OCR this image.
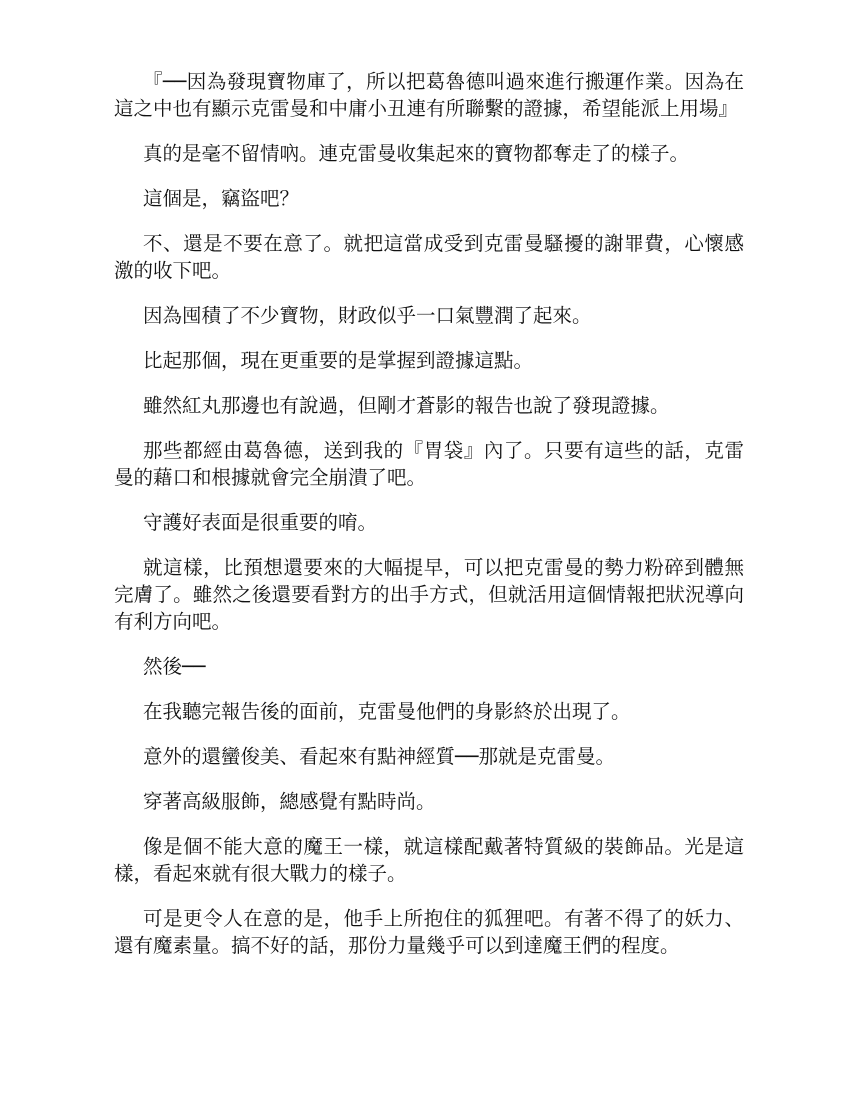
『──因為發現寶物庫了，所以把葛魯德叫過來進行搬運作業。因為在這之中也有顯示克雷曼和中庸小丑連有所聯繫的證據，希望能派上用場』

真的是毫不留情吶。連克雷曼收集起來的寶物都奪走了的樣子。

這個是，竊盜吧？

不、還是不要在意了。就把這當成受到克雷曼騷擾的謝罪費，心懷感激的收下吧。

因為囤積了不少寶物，財政似乎一口氣豐潤了起來。

比起那個，現在更重要的是掌握到證據這點。

雖然紅丸那邊也有說過，但剛才蒼影的報告也說了發現證據。

那些都經由葛魯德，送到我的『胃袋』內了。只要有這些的話，克雷曼的藉口和根據就會完全崩潰了吧。

守護好表面是很重要的唷。

就這樣，比預想還要來的大幅提早，可以把克雷曼的勢力粉碎到體無完膚了。雖然之後還要看對方的出手方式，但就活用這個情報把狀況導向有利方向吧。

然後──

在我聽完報告後的面前，克雷曼他們的身影終於出現了。

意外的還蠻俊美、看起來有點神經質──那就是克雷曼。

穿著高級服飾，總感覺有點時尚。

像是個不能大意的魔王一樣，就這樣配戴著特質級的裝飾品。光是這樣，看起來就有很大戰力的樣子。

可是更令人在意的是，他手上所抱住的狐狸吧。有著不得了的妖力、還有魔素量。搞不好的話，那份力量幾乎可以到達魔王們的程度。
